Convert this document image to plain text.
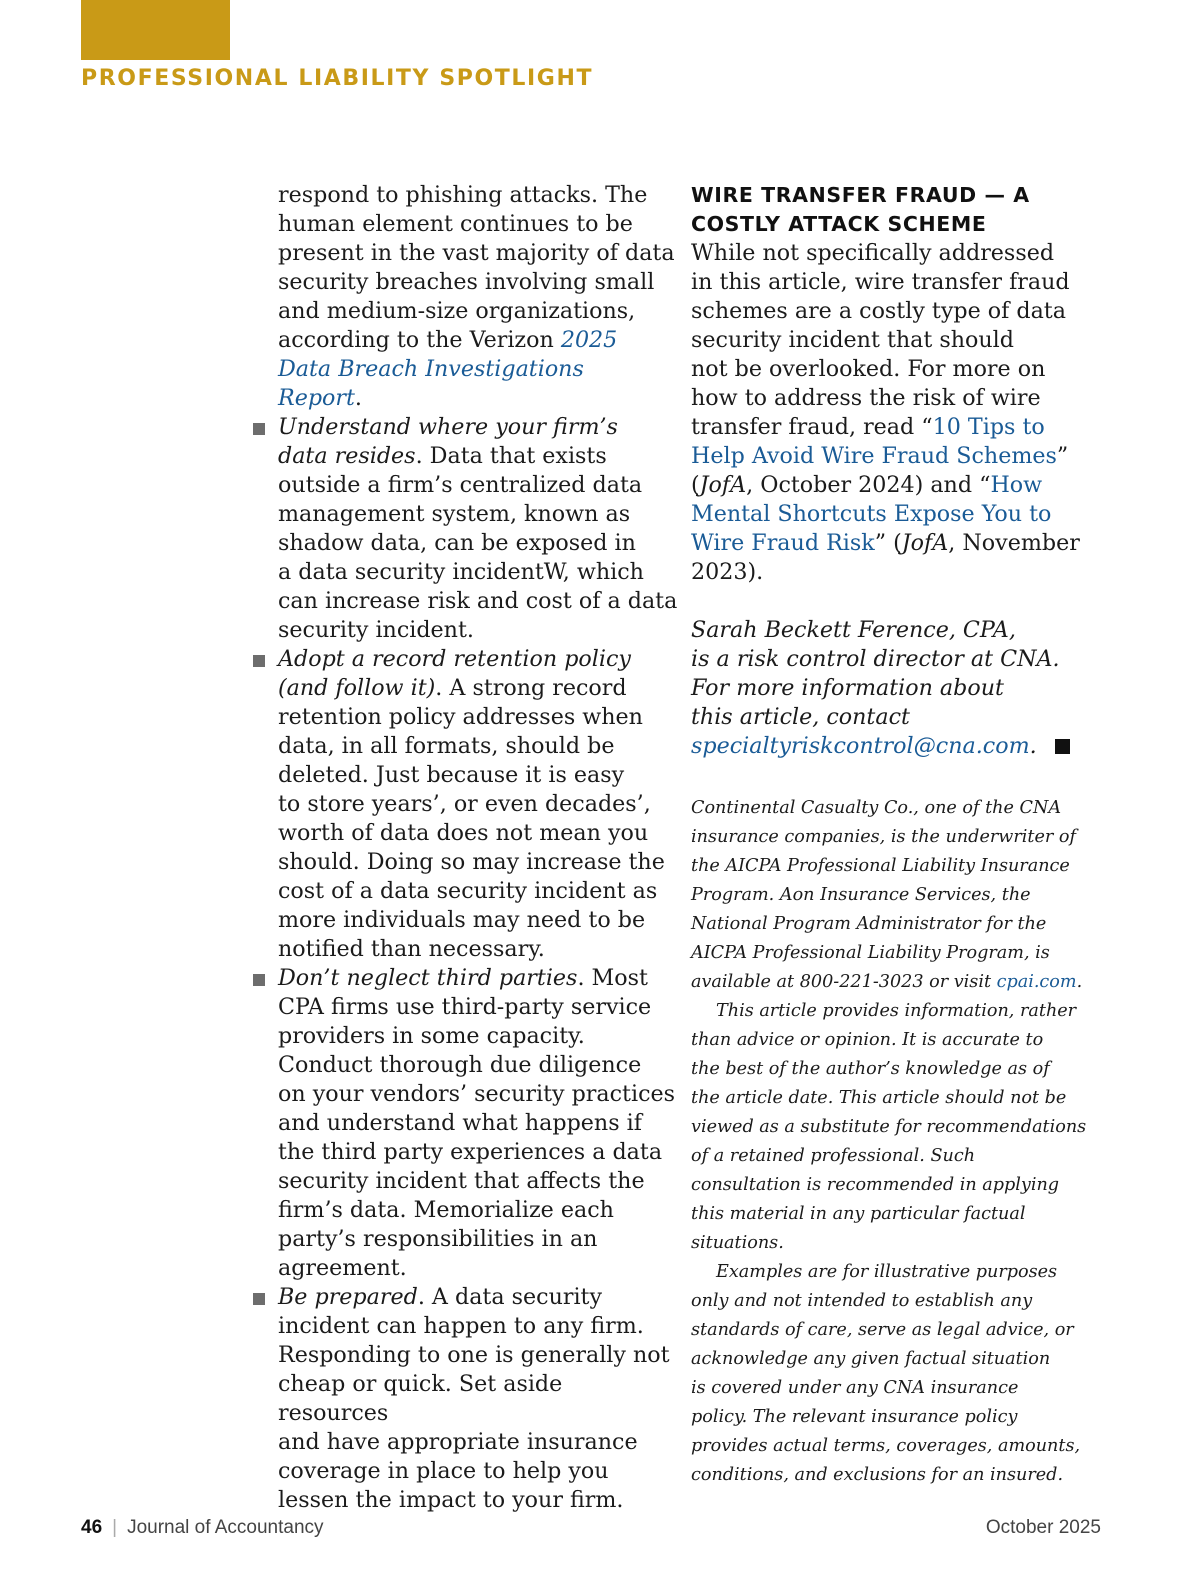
PROFESSIONAL LIABILITY SPOTLIGHT

respond to phishing attacks. The
human element continues to be
present in the vast majority of data
security breaches involving small
and medium-size organizations,
according to the Verizon 2025
Data Breach Investigations
Report.

Understand where your firm’s
data resides. Data that exists
outside a firm’s centralized data
management system, known as
shadow data, can be exposed in
a data security incidentW, which
can increase risk and cost of a data
security incident.
Adopt a record retention policy
(and follow it). A strong record
retention policy addresses when
data, in all formats, should be
deleted. Just because it is easy
to store years’, or even decades’,
worth of data does not mean you
should. Doing so may increase the
cost of a data security incident as
more individuals may need to be
notified than necessary.
Don’t neglect third parties. Most
CPA firms use third-party service
providers in some capacity.
Conduct thorough due diligence
on your vendors’ security practices
and understand what happens if
the third party experiences a data
security incident that affects the
firm’s data. Memorialize each
party’s responsibilities in an
agreement.
Be prepared. A data security
incident can happen to any firm.
Responding to one is generally not
cheap or quick. Set aside resources
and have appropriate insurance
coverage in place to help you
lessen the impact to your firm.
WIRE TRANSFER FRAUD — A
COSTLY ATTACK SCHEME

While not specifically addressed
in this article, wire transfer fraud
schemes are a costly type of data
security incident that should
not be overlooked. For more on
how to address the risk of wire
transfer fraud, read “10 Tips to
Help Avoid Wire Fraud Schemes”
(JofA, October 2024) and “How
Mental Shortcuts Expose You to
Wire Fraud Risk” (JofA, November
2023).

Sarah Beckett Ference, CPA,
is a risk control director at CNA.
For more information about
this article, contact
specialtyriskcontrol@cna.com.

Continental Casualty Co., one of the CNA
insurance companies, is the underwriter of
the AICPA Professional Liability Insurance
Program. Aon Insurance Services, the
National Program Administrator for the
AICPA Professional Liability Program, is
available at 800-221-3023 or visit cpai.com.

This article provides information, rather
than advice or opinion. It is accurate to
the best of the author’s knowledge as of
the article date. This article should not be
viewed as a substitute for recommendations
of a retained professional. Such
consultation is recommended in applying
this material in any particular factual
situations.

Examples are for illustrative purposes
only and not intended to establish any
standards of care, serve as legal advice, or
acknowledge any given factual situation
is covered under any CNA insurance
policy. The relevant insurance policy
provides actual terms, coverages, amounts,
conditions, and exclusions for an insured.

46 | Journal of Accountancy	October 2025
